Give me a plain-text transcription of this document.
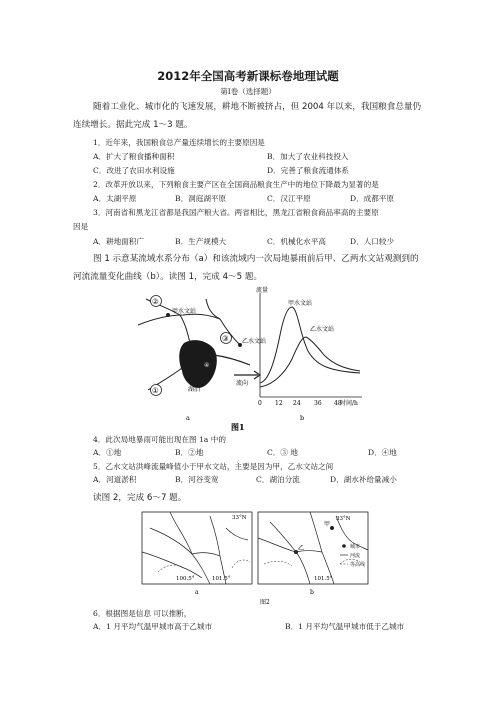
2012年全国高考新课标卷地理试题
第Ⅰ卷（选择题）
随着工业化、城市化的飞速发展，耕地不断被挤占，但 2004 年以来，我国粮食总量仍
连续增长。据此完成 1～3 题。
1．近年来，我国粮食总产量连续增长的主要原因是
A．扩大了粮食播种面积	B．加大了农业科技投入
C．改进了农田水利设施	D．完善了粮食流通体系
2．改革开放以来，下列粮食主要产区在全国商品粮食生产中的地位下降最为显著的是
A．太湖平原	B．洞庭湖平原	C．汉江平原	D．成都平原
3．河南省和黑龙江省都是我国产粮大省。两省相比，黑龙江省粮食商品率高的主要原
因是
A．耕地面积广	B．生产规模大	C．机械化水平高	D．人口较少
图 1 示意某流域水系分布（a）和该流域内一次局地暴雨前后甲、乙两水文站观测到的
河流流量变化曲线（b）。读图 1，完成 4～5 题。
②
③
①
④
甲水文站
乙水文站
湖泊
流向
a
流量
甲水文站
乙水文站
0 12 24 36 48
时间/h
b
图1
4．此次局地暴雨可能出现在图 1a 中的
A．①地	B．②地	C．③ 地	D．④地
5．乙水文站洪峰流量峰值小于甲水文站，主要是因为甲，乙水文站之间
A．河道淤积	B．河谷变宽	C．湖泊分流	D．湖水补给量减小
读图 2，完成 6～7 题。
33°N
100.5°	101.5°
a
33°N
101.5°
乙
甲
城市
河流
等高线
b
图2
6．根据图是信息 可以推断，
A．1 月平均气温甲城市高于乙城市	B．1 月平均气温甲城市低于乙城市
